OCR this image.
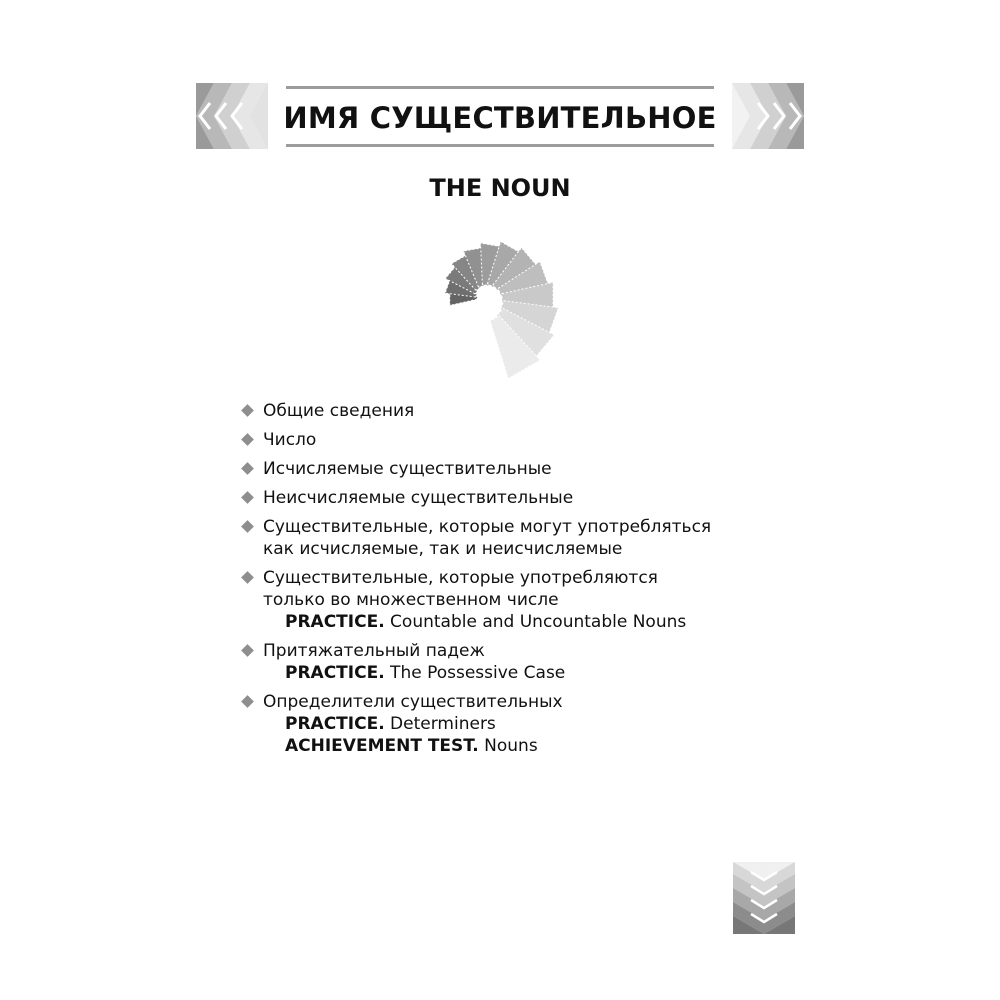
ИМЯ СУЩЕСТВИТЕЛЬНОЕ
THE NOUN
Общие сведения
Число
Исчисляемые существительные
Неисчисляемые существительные
Существительные, которые могут употребляться
как исчисляемые, так и неисчисляемые
Существительные, которые употребляются
только во множественном числе
PRACTICE. Countable and Uncountable Nouns
Притяжательный падеж
PRACTICE. The Possessive Case
Определители существительных
PRACTICE. Determiners
ACHIEVEMENT TEST. Nouns
